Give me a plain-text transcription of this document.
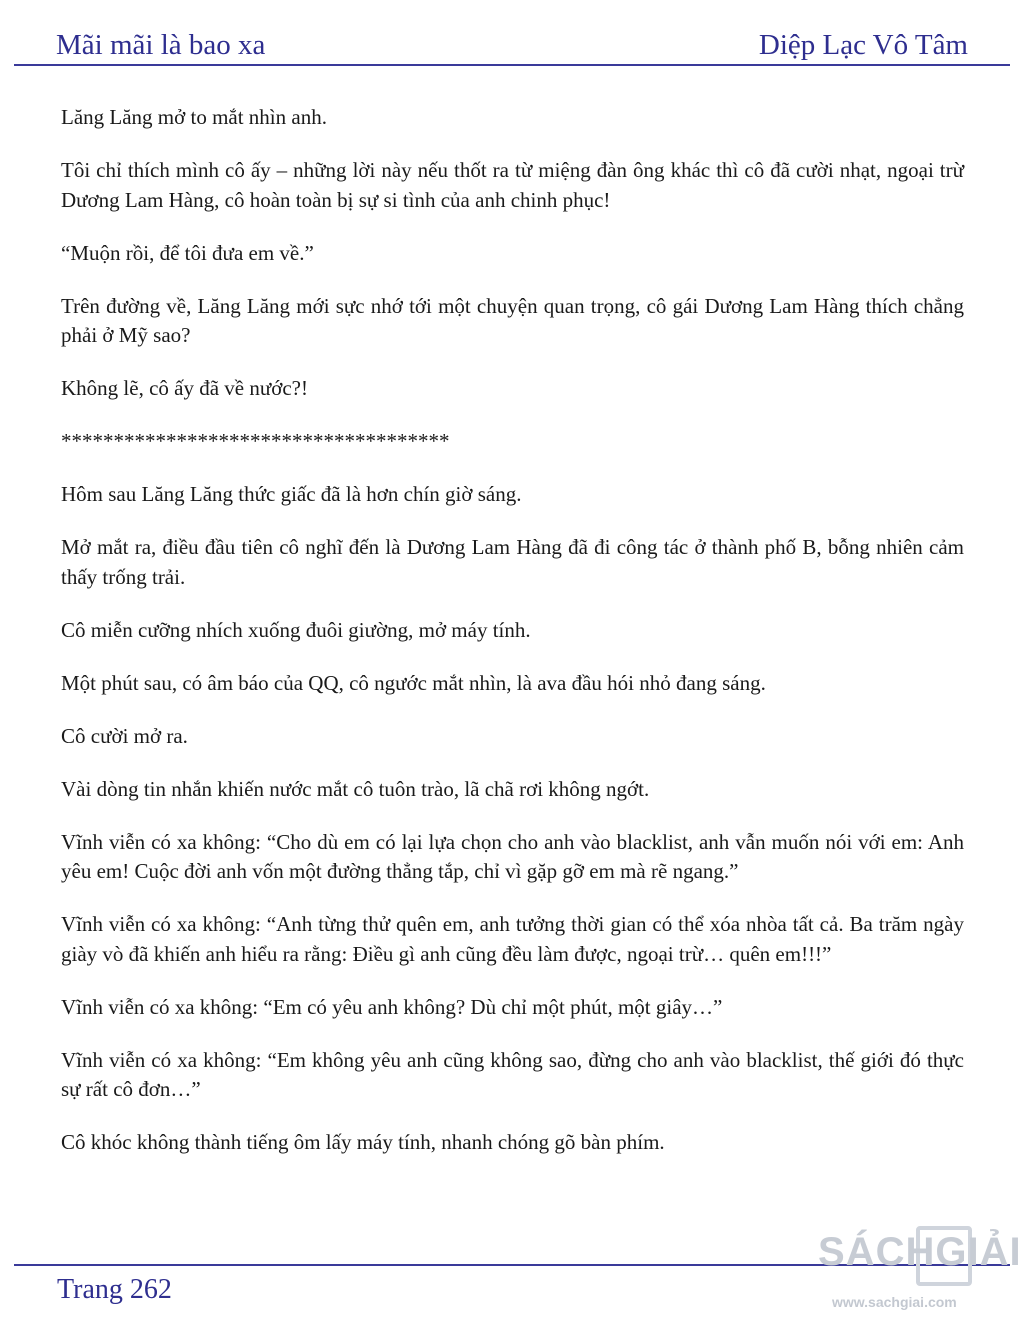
Mãi mãi là bao xa	Diệp Lạc Vô Tâm

Lăng Lăng mở to mắt nhìn anh.

Tôi chỉ thích mình cô ấy – những lời này nếu thốt ra từ miệng đàn ông khác thì cô đã cười nhạt, ngoại trừ Dương Lam Hàng, cô hoàn toàn bị sự si tình của anh chinh phục!

“Muộn rồi, để tôi đưa em về.”

Trên đường về, Lăng Lăng mới sực nhớ tới một chuyện quan trọng, cô gái Dương Lam Hàng thích chẳng phải ở Mỹ sao?

Không lẽ, cô ấy đã về nước?!

*************************************

Hôm sau Lăng Lăng thức giấc đã là hơn chín giờ sáng.

Mở mắt ra, điều đầu tiên cô nghĩ đến là Dương Lam Hàng đã đi công tác ở thành phố B, bỗng nhiên cảm thấy trống trải.

Cô miễn cưỡng nhích xuống đuôi giường, mở máy tính.

Một phút sau, có âm báo của QQ, cô ngước mắt nhìn, là ava đầu hói nhỏ đang sáng.

Cô cười mở ra.

Vài dòng tin nhắn khiến nước mắt cô tuôn trào, lã chã rơi không ngớt.

Vĩnh viễn có xa không: “Cho dù em có lại lựa chọn cho anh vào blacklist, anh vẫn muốn nói với em: Anh yêu em! Cuộc đời anh vốn một đường thẳng tắp, chỉ vì gặp gỡ em mà rẽ ngang.”

Vĩnh viễn có xa không: “Anh từng thử quên em, anh tưởng thời gian có thể xóa nhòa tất cả. Ba trăm ngày giày vò đã khiến anh hiểu ra rằng: Điều gì anh cũng đều làm được, ngoại trừ… quên em!!!”

Vĩnh viễn có xa không: “Em có yêu anh không? Dù chỉ một phút, một giây…”

Vĩnh viễn có xa không: “Em không yêu anh cũng không sao, đừng cho anh vào blacklist, thế giới đó thực sự rất cô đơn…”

Cô khóc không thành tiếng ôm lấy máy tính, nhanh chóng gõ bàn phím.

Trang 262
SÁCHGIẢI
www.sachgiai.com
